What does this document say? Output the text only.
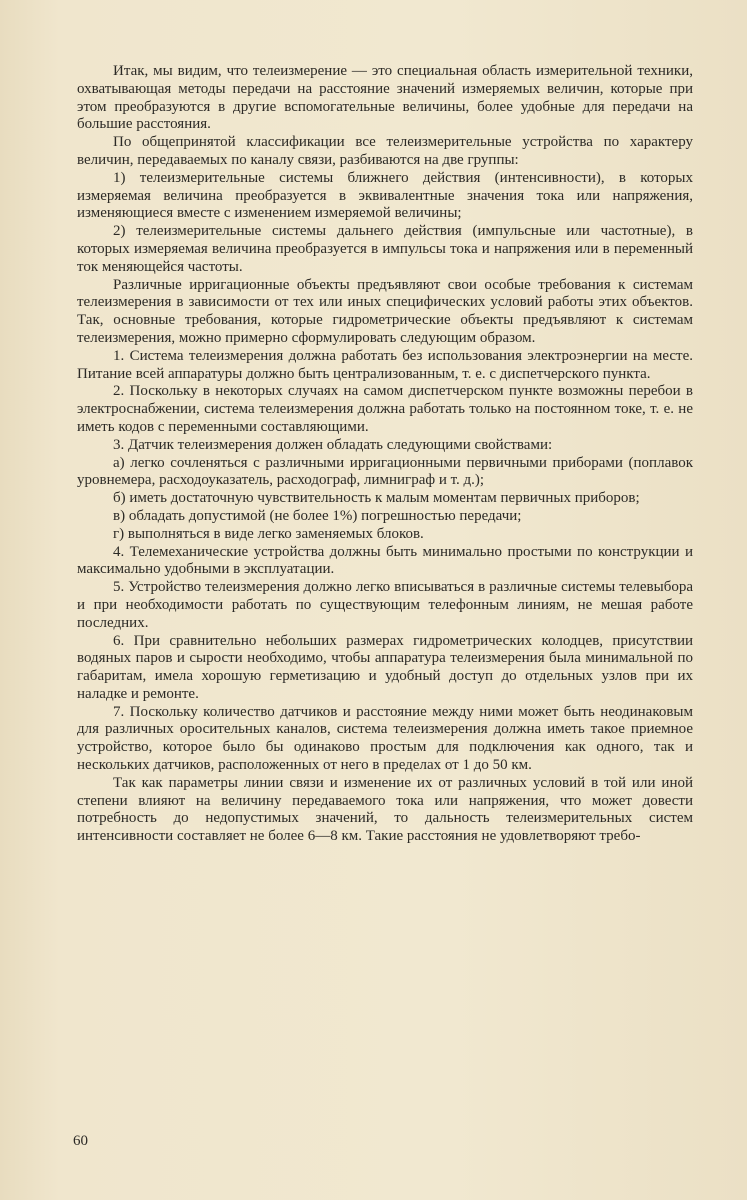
Итак, мы видим, что телеизмерение — это специальная область измерительной техники, охватывающая методы передачи на расстояние значений измеряемых величин, которые при этом преобразуются в другие вспомогательные величины, более удобные для передачи на большие расстояния.

По общепринятой классификации все телеизмерительные устройства по характеру величин, передаваемых по каналу связи, разбиваются на две группы:

1) телеизмерительные системы ближнего действия (интенсивности), в которых измеряемая величина преобразуется в эквивалентные значения тока или напряжения, изменяющиеся вместе с изменением измеряемой величины;

2) телеизмерительные системы дальнего действия (импульсные или частотные), в которых измеряемая величина преобразуется в импульсы тока и напряжения или в переменный ток меняющейся частоты.

Различные ирригационные объекты предъявляют свои особые требования к системам телеизмерения в зависимости от тех или иных специфических условий работы этих объектов. Так, основные требования, которые гидрометрические объекты предъявляют к системам телеизмерения, можно примерно сформулировать следующим образом.

1. Система телеизмерения должна работать без использования электроэнергии на месте. Питание всей аппаратуры должно быть централизованным, т. е. с диспетчерского пункта.

2. Поскольку в некоторых случаях на самом диспетчерском пункте возможны перебои в электроснабжении, система телеизмерения должна работать только на постоянном токе, т. е. не иметь кодов с переменными составляющими.

3. Датчик телеизмерения должен обладать следующими свойствами:

а) легко сочленяться с различными ирригационными первичными приборами (поплавок уровнемера, расходоуказатель, расходограф, лимниграф и т. д.);

б) иметь достаточную чувствительность к малым моментам первичных приборов;

в) обладать допустимой (не более 1%) погрешностью передачи;

г) выполняться в виде легко заменяемых блоков.

4. Телемеханические устройства должны быть минимально простыми по конструкции и максимально удобными в эксплуатации.

5. Устройство телеизмерения должно легко вписываться в различные системы телевыбора и при необходимости работать по существующим телефонным линиям, не мешая работе последних.

6. При сравнительно небольших размерах гидрометрических колодцев, присутствии водяных паров и сырости необходимо, чтобы аппаратура телеизмерения была минимальной по габаритам, имела хорошую герметизацию и удобный доступ до отдельных узлов при их наладке и ремонте.

7. Поскольку количество датчиков и расстояние между ними может быть неодинаковым для различных оросительных каналов, система телеизмерения должна иметь такое приемное устройство, которое было бы одинаково простым для подключения как одного, так и нескольких датчиков, расположенных от него в пределах от 1 до 50 км.

Так как параметры линии связи и изменение их от различных условий в той или иной степени влияют на величину передаваемого тока или напряжения, что может довести потребность до недопустимых значений, то дальность телеизмерительных систем интенсивности составляет не более 6—8 км. Такие расстояния не удовлетворяют требо-

60
